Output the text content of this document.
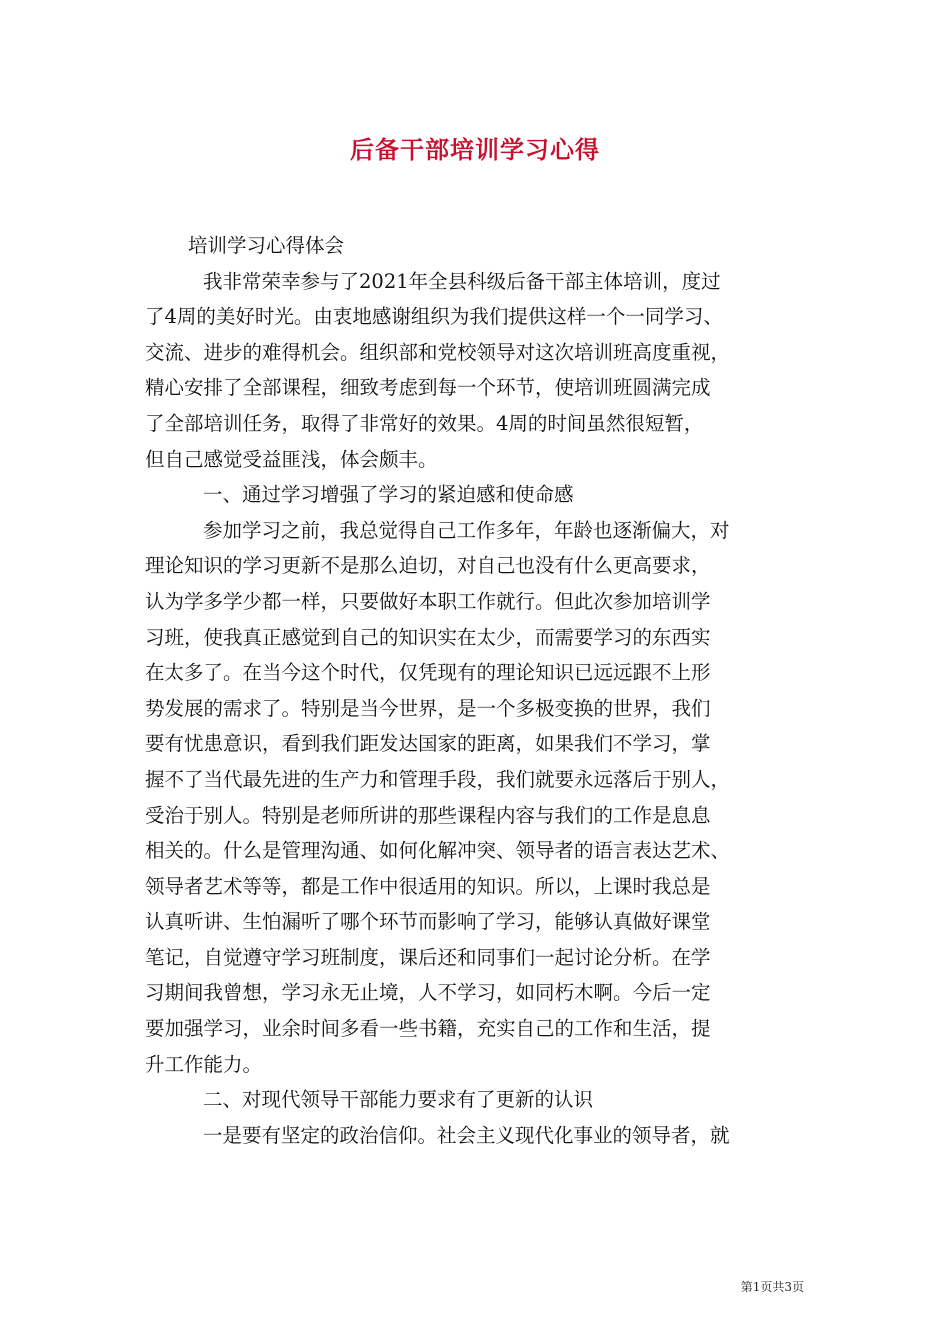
后备干部培训学习心得
培训学习心得体会
我非常荣幸参与了2021年全县科级后备干部主体培训，度过
了4周的美好时光。由衷地感谢组织为我们提供这样一个一同学习、
交流、进步的难得机会。组织部和党校领导对这次培训班高度重视，
精心安排了全部课程，细致考虑到每一个环节，使培训班圆满完成
了全部培训任务，取得了非常好的效果。4周的时间虽然很短暂，
但自己感觉受益匪浅，体会颇丰。
一、通过学习增强了学习的紧迫感和使命感
参加学习之前，我总觉得自己工作多年，年龄也逐渐偏大，对
理论知识的学习更新不是那么迫切，对自己也没有什么更高要求，
认为学多学少都一样，只要做好本职工作就行。但此次参加培训学
习班，使我真正感觉到自己的知识实在太少，而需要学习的东西实
在太多了。在当今这个时代，仅凭现有的理论知识已远远跟不上形
势发展的需求了。特别是当今世界，是一个多极变换的世界，我们
要有忧患意识，看到我们距发达国家的距离，如果我们不学习，掌
握不了当代最先进的生产力和管理手段，我们就要永远落后于别人，
受治于别人。特别是老师所讲的那些课程内容与我们的工作是息息
相关的。什么是管理沟通、如何化解冲突、领导者的语言表达艺术、
领导者艺术等等，都是工作中很适用的知识。所以，上课时我总是
认真听讲、生怕漏听了哪个环节而影响了学习，能够认真做好课堂
笔记，自觉遵守学习班制度，课后还和同事们一起讨论分析。在学
习期间我曾想，学习永无止境，人不学习，如同朽木啊。今后一定
要加强学习，业余时间多看一些书籍，充实自己的工作和生活，提
升工作能力。
二、对现代领导干部能力要求有了更新的认识
一是要有坚定的政治信仰。社会主义现代化事业的领导者，就
第1页共3页
